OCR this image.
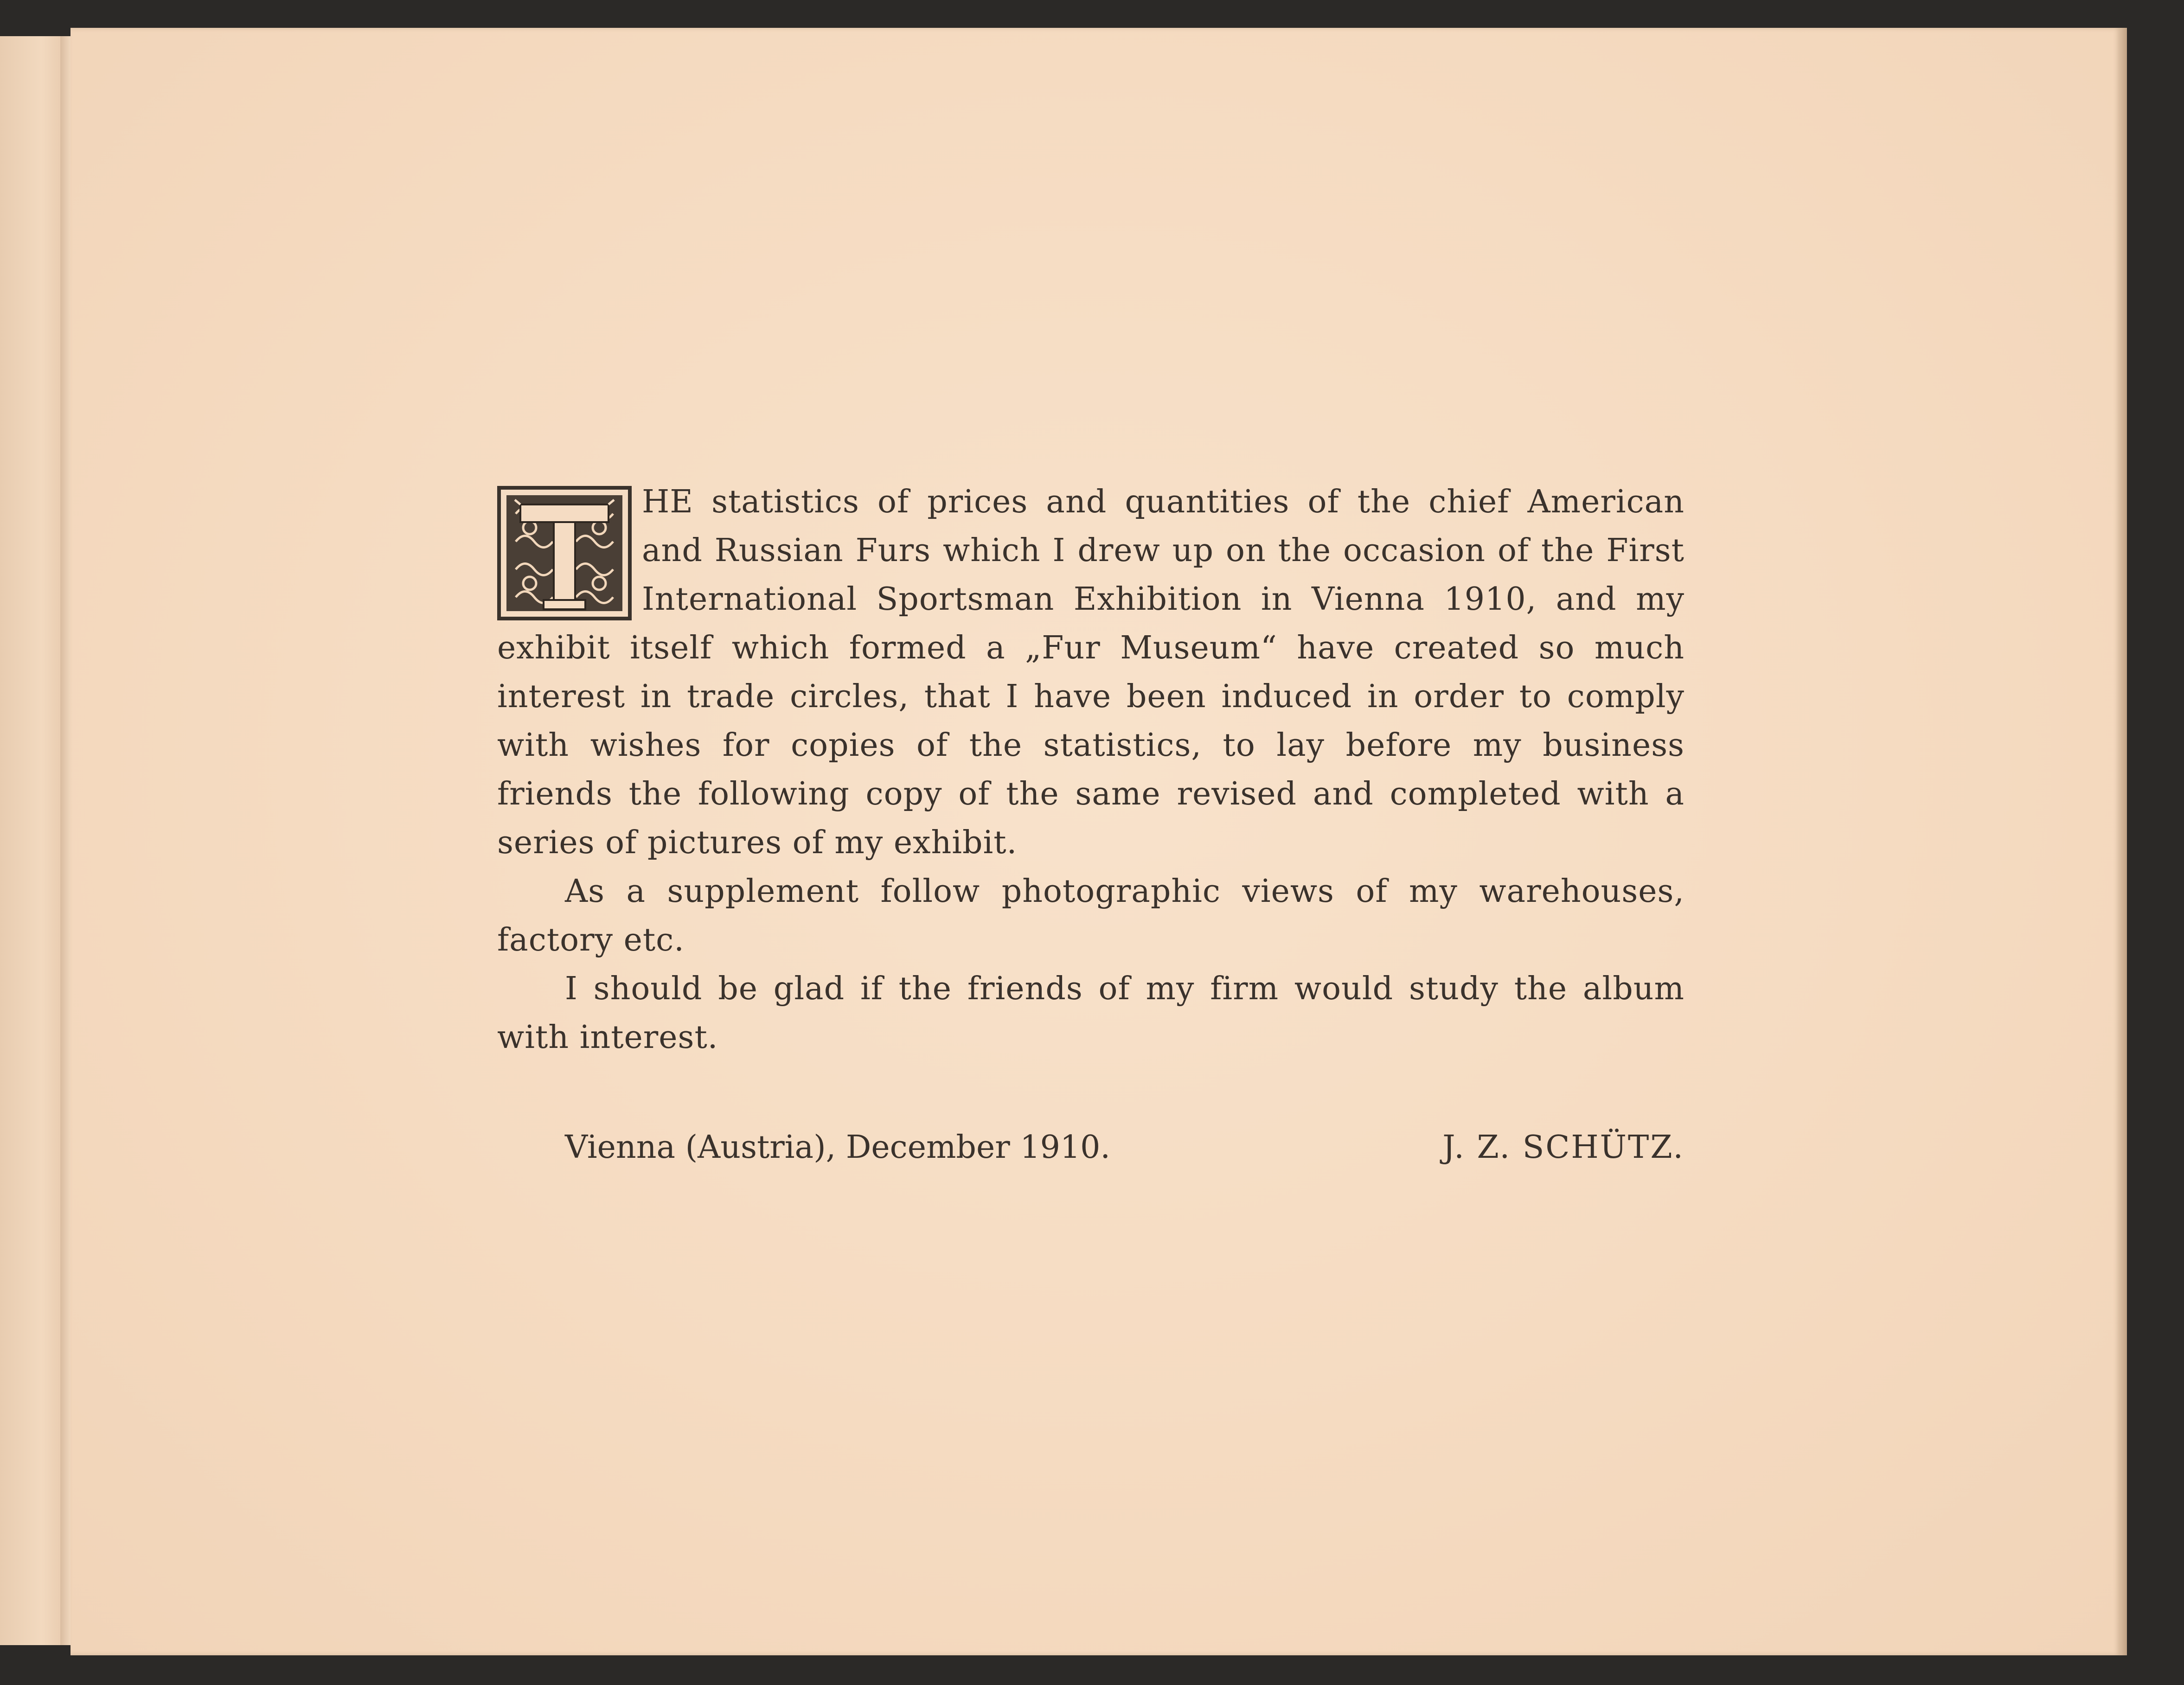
HE statistics of prices and quantities of the chief American and Russian Furs which I drew up on the occasion of the First International Sportsman Exhibition in Vienna 1910, and my exhibit itself which formed a „Fur Museum“ have created so much interest in trade circles, that I have been induced in order to comply with wishes for copies of the statistics, to lay before my business friends the following copy of the same revised and completed with a series of pictures of my exhibit.

As a supplement follow photographic views of my warehouses, factory etc.

I should be glad if the friends of my firm would study the album with interest.

Vienna (Austria), December 1910.	J. Z. SCHÜTZ.
